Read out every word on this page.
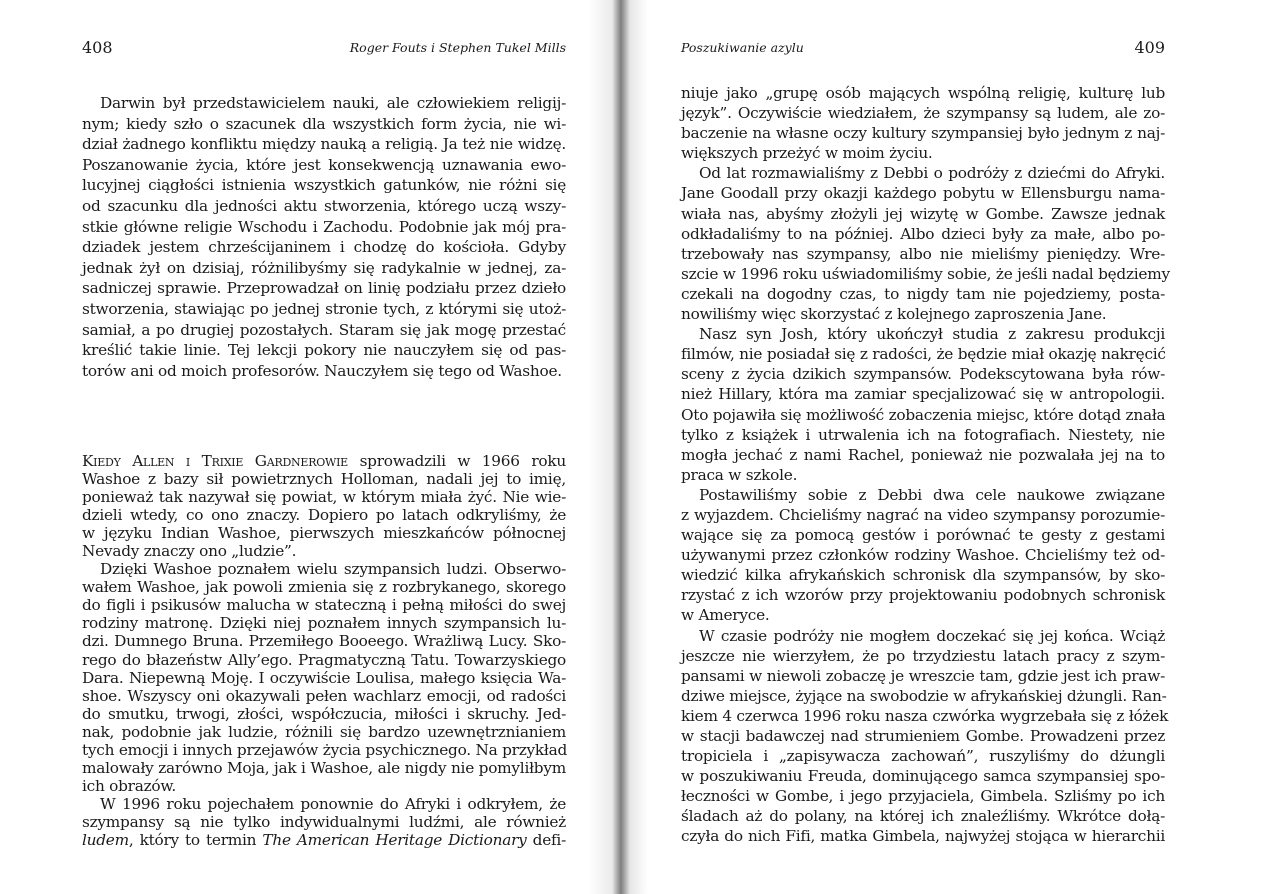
408	Roger Fouts i Stephen Tukel Mills
Darwin był przedstawicielem nauki, ale człowiekiem religij-
nym; kiedy szło o szacunek dla wszystkich form życia, nie wi-
dział żadnego konfliktu między nauką a religią. Ja też nie widzę.
Poszanowanie życia, które jest konsekwencją uznawania ewo-
lucyjnej ciągłości istnienia wszystkich gatunków, nie różni się
od szacunku dla jedności aktu stworzenia, którego uczą wszy-
stkie główne religie Wschodu i Zachodu. Podobnie jak mój pra-
dziadek jestem chrześcijaninem i chodzę do kościoła. Gdyby
jednak żył on dzisiaj, różnilibyśmy się radykalnie w jednej, za-
sadniczej sprawie. Przeprowadzał on linię podziału przez dzieło
stworzenia, stawiając po jednej stronie tych, z którymi się utoż-
samiał, a po drugiej pozostałych. Staram się jak mogę przestać
kreślić takie linie. Tej lekcji pokory nie nauczyłem się od pas-
torów ani od moich profesorów. Nauczyłem się tego od Washoe.
Kiedy Allen i Trixie Gardnerowie sprowadzili w 1966 roku
Washoe z bazy sił powietrznych Holloman, nadali jej to imię,
ponieważ tak nazywał się powiat, w którym miała żyć. Nie wie-
dzieli wtedy, co ono znaczy. Dopiero po latach odkryliśmy, że
w języku Indian Washoe, pierwszych mieszkańców północnej
Nevady znaczy ono „ludzie”.
Dzięki Washoe poznałem wielu szympansich ludzi. Obserwo-
wałem Washoe, jak powoli zmienia się z rozbrykanego, skorego
do figli i psikusów malucha w stateczną i pełną miłości do swej
rodziny matronę. Dzięki niej poznałem innych szympansich lu-
dzi. Dumnego Bruna. Przemiłego Booeego. Wrażliwą Lucy. Sko-
rego do błazeństw Ally’ego. Pragmatyczną Tatu. Towarzyskiego
Dara. Niepewną Moję. I oczywiście Loulisa, małego księcia Wa-
shoe. Wszyscy oni okazywali pełen wachlarz emocji, od radości
do smutku, trwogi, złości, współczucia, miłości i skruchy. Jed-
nak, podobnie jak ludzie, różnili się bardzo uzewnętrznianiem
tych emocji i innych przejawów życia psychicznego. Na przykład
malowały zarówno Moja, jak i Washoe, ale nigdy nie pomyliłbym
ich obrazów.
W 1996 roku pojechałem ponownie do Afryki i odkryłem, że
szympansy są nie tylko indywidualnymi ludźmi, ale również
ludem, który to termin The American Heritage Dictionary defi-
Poszukiwanie azylu	409
niuje jako „grupę osób mających wspólną religię, kulturę lub
język”. Oczywiście wiedziałem, że szympansy są ludem, ale zo-
baczenie na własne oczy kultury szympansiej było jednym z naj-
większych przeżyć w moim życiu.
Od lat rozmawialiśmy z Debbi o podróży z dziećmi do Afryki.
Jane Goodall przy okazji każdego pobytu w Ellensburgu nama-
wiała nas, abyśmy złożyli jej wizytę w Gombe. Zawsze jednak
odkładaliśmy to na później. Albo dzieci były za małe, albo po-
trzebowały nas szympansy, albo nie mieliśmy pieniędzy. Wre-
szcie w 1996 roku uświadomiliśmy sobie, że jeśli nadal będziemy
czekali na dogodny czas, to nigdy tam nie pojedziemy, posta-
nowiliśmy więc skorzystać z kolejnego zaproszenia Jane.
Nasz syn Josh, który ukończył studia z zakresu produkcji
filmów, nie posiadał się z radości, że będzie miał okazję nakręcić
sceny z życia dzikich szympansów. Podekscytowana była rów-
nież Hillary, która ma zamiar specjalizować się w antropologii.
Oto pojawiła się możliwość zobaczenia miejsc, które dotąd znała
tylko z książek i utrwalenia ich na fotografiach. Niestety, nie
mogła jechać z nami Rachel, ponieważ nie pozwalała jej na to
praca w szkole.
Postawiliśmy sobie z Debbi dwa cele naukowe związane
z wyjazdem. Chcieliśmy nagrać na video szympansy porozumie-
wające się za pomocą gestów i porównać te gesty z gestami
używanymi przez członków rodziny Washoe. Chcieliśmy też od-
wiedzić kilka afrykańskich schronisk dla szympansów, by sko-
rzystać z ich wzorów przy projektowaniu podobnych schronisk
w Ameryce.
W czasie podróży nie mogłem doczekać się jej końca. Wciąż
jeszcze nie wierzyłem, że po trzydziestu latach pracy z szym-
pansami w niewoli zobaczę je wreszcie tam, gdzie jest ich praw-
dziwe miejsce, żyjące na swobodzie w afrykańskiej dżungli. Ran-
kiem 4 czerwca 1996 roku nasza czwórka wygrzebała się z łóżek
w stacji badawczej nad strumieniem Gombe. Prowadzeni przez
tropiciela i „zapisywacza zachowań”, ruszyliśmy do dżungli
w poszukiwaniu Freuda, dominującego samca szympansiej spo-
łeczności w Gombe, i jego przyjaciela, Gimbela. Szliśmy po ich
śladach aż do polany, na której ich znaleźliśmy. Wkrótce dołą-
czyła do nich Fifi, matka Gimbela, najwyżej stojąca w hierarchii
